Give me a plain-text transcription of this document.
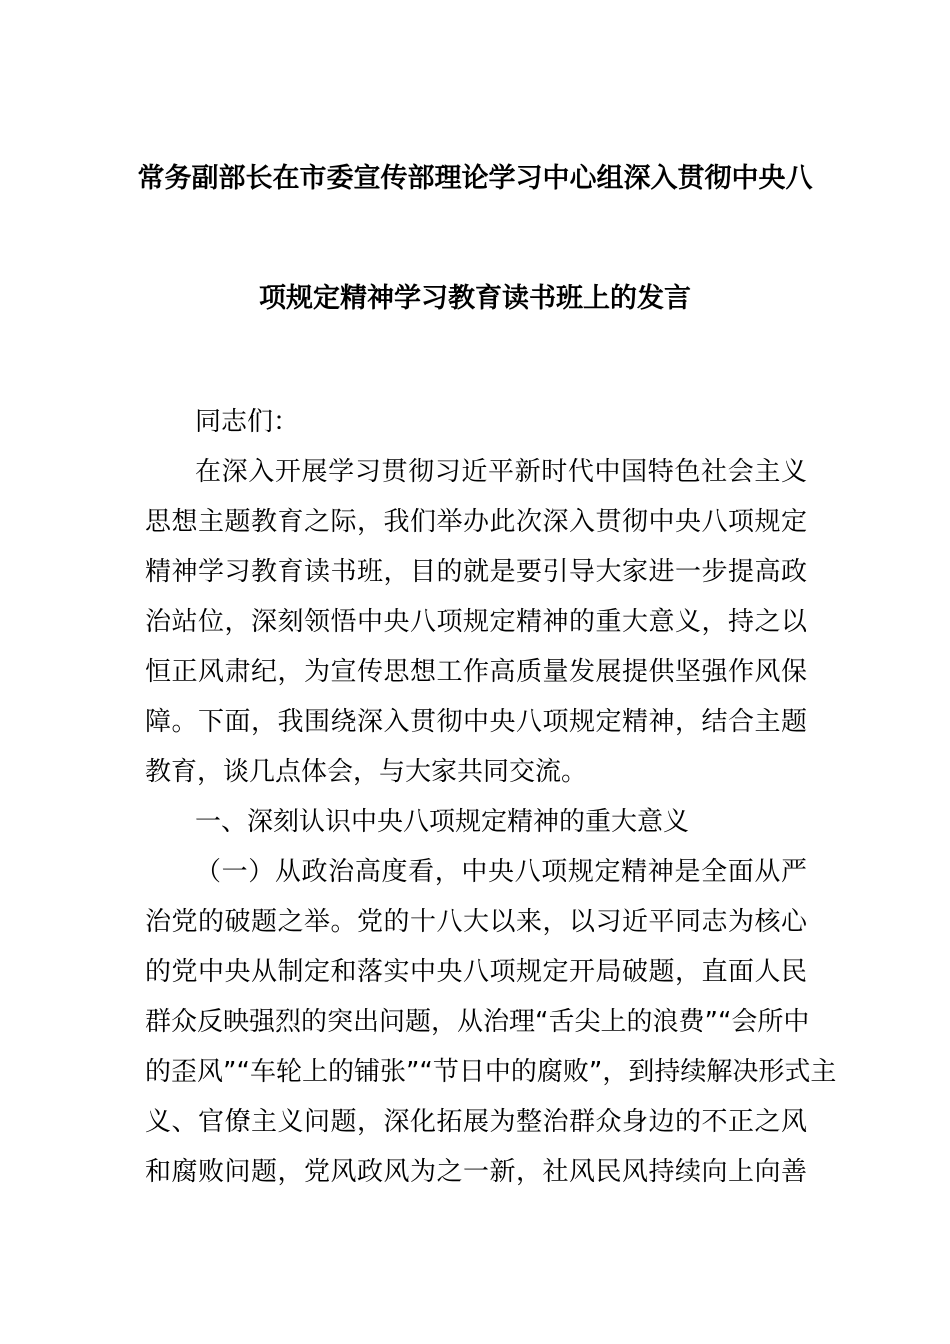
常务副部长在市委宣传部理论学习中心组深入贯彻中央八
项规定精神学习教育读书班上的发言
同志们：
在深入开展学习贯彻习近平新时代中国特色社会主义
思想主题教育之际，我们举办此次深入贯彻中央八项规定
精神学习教育读书班，目的就是要引导大家进一步提高政
治站位，深刻领悟中央八项规定精神的重大意义，持之以
恒正风肃纪，为宣传思想工作高质量发展提供坚强作风保
障。下面，我围绕深入贯彻中央八项规定精神，结合主题
教育，谈几点体会，与大家共同交流。
一、深刻认识中央八项规定精神的重大意义
（一）从政治高度看，中央八项规定精神是全面从严
治党的破题之举。党的十八大以来，以习近平同志为核心
的党中央从制定和落实中央八项规定开局破题，直面人民
群众反映强烈的突出问题，从治理“舌尖上的浪费”“会所中
的歪风”“车轮上的铺张”“节日中的腐败”，到持续解决形式主
义、官僚主义问题，深化拓展为整治群众身边的不正之风
和腐败问题，党风政风为之一新，社风民风持续向上向善
